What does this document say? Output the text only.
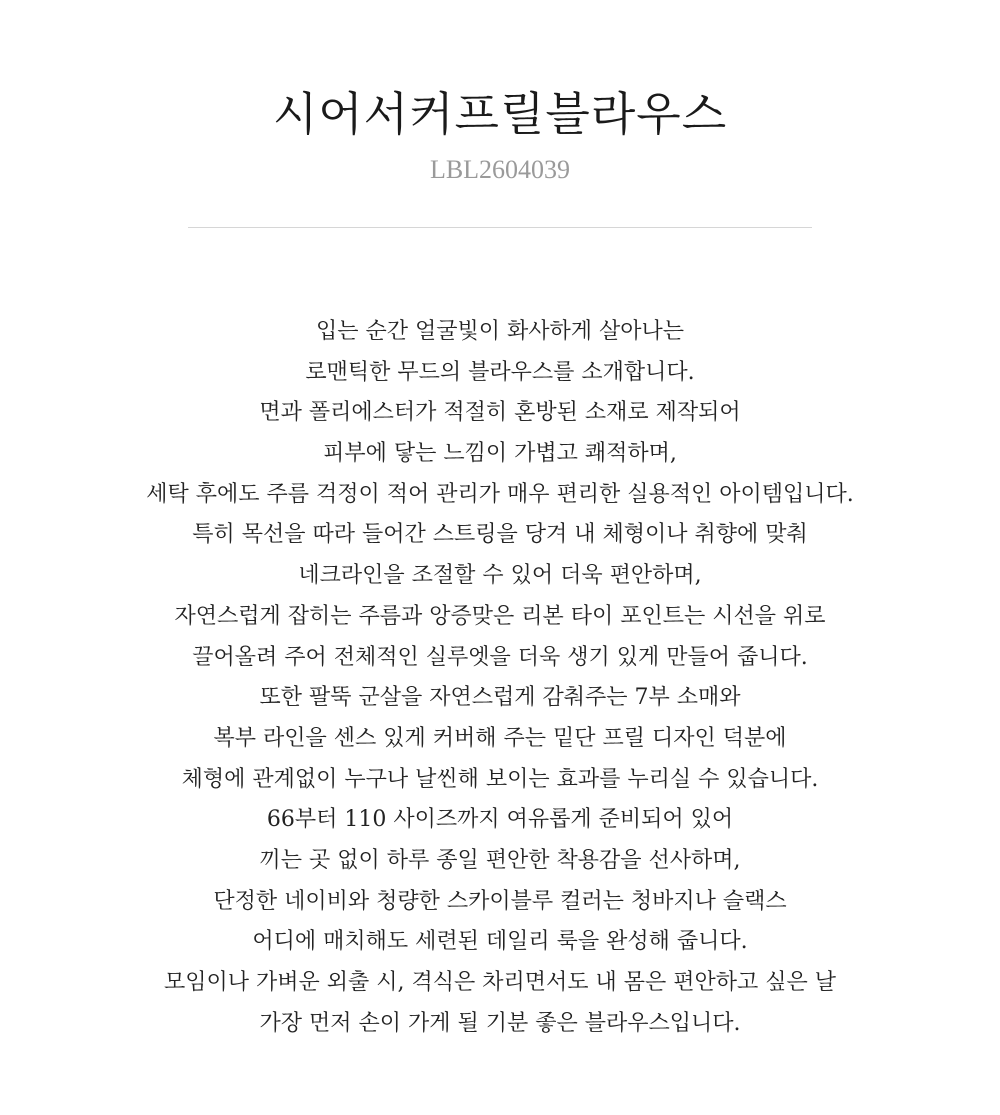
시어서커프릴블라우스
LBL2604039
입는 순간 얼굴빛이 화사하게 살아나는
로맨틱한 무드의 블라우스를 소개합니다.
면과 폴리에스터가 적절히 혼방된 소재로 제작되어
피부에 닿는 느낌이 가볍고 쾌적하며,
세탁 후에도 주름 걱정이 적어 관리가 매우 편리한 실용적인 아이템입니다.
특히 목선을 따라 들어간 스트링을 당겨 내 체형이나 취향에 맞춰
네크라인을 조절할 수 있어 더욱 편안하며,
자연스럽게 잡히는 주름과 앙증맞은 리본 타이 포인트는 시선을 위로
끌어올려 주어 전체적인 실루엣을 더욱 생기 있게 만들어 줍니다.
또한 팔뚝 군살을 자연스럽게 감춰주는 7부 소매와
복부 라인을 센스 있게 커버해 주는 밑단 프릴 디자인 덕분에
체형에 관계없이 누구나 날씬해 보이는 효과를 누리실 수 있습니다.
66부터 110 사이즈까지 여유롭게 준비되어 있어
끼는 곳 없이 하루 종일 편안한 착용감을 선사하며,
단정한 네이비와 청량한 스카이블루 컬러는 청바지나 슬랙스
어디에 매치해도 세련된 데일리 룩을 완성해 줍니다.
모임이나 가벼운 외출 시, 격식은 차리면서도 내 몸은 편안하고 싶은 날
가장 먼저 손이 가게 될 기분 좋은 블라우스입니다.
